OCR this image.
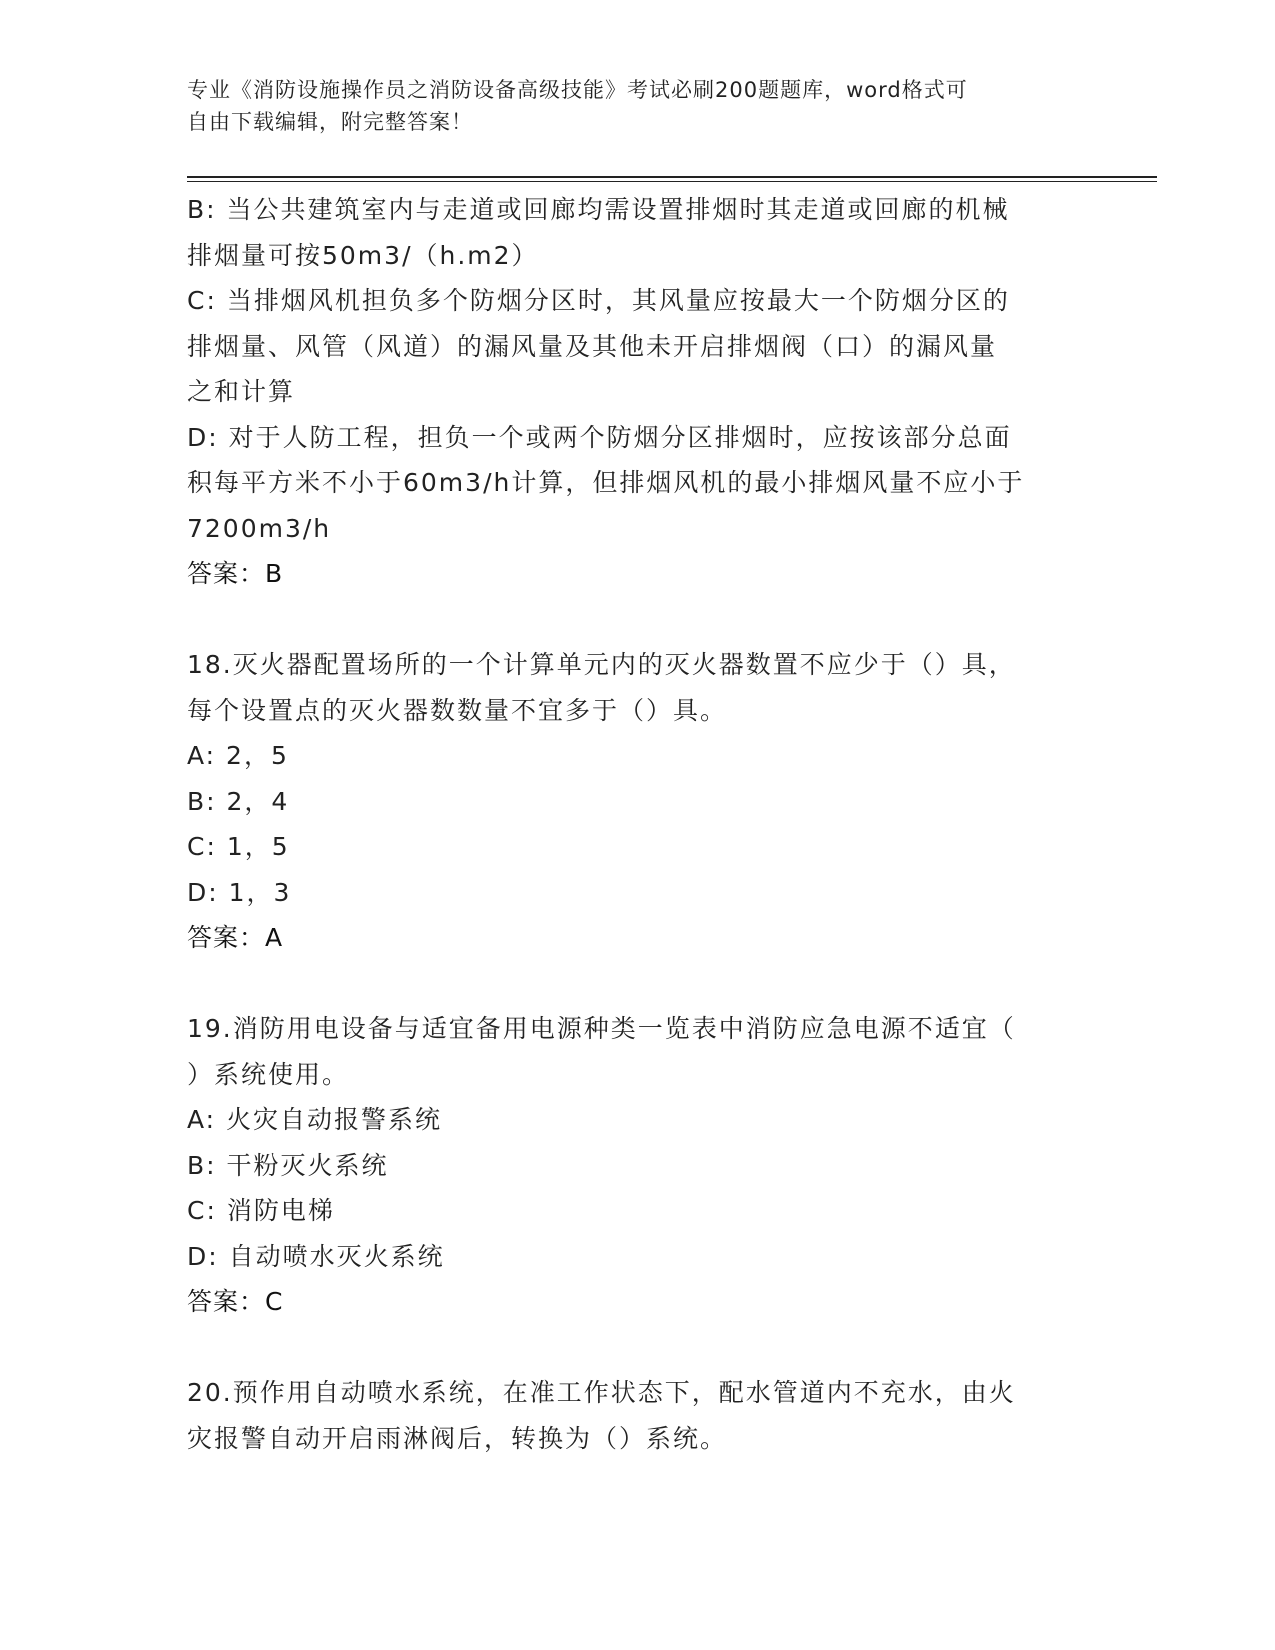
专业《消防设施操作员之消防设备高级技能》考试必刷200题题库，word格式可
自由下载编辑，附完整答案！
B: 当公共建筑室内与走道或回廊均需设置排烟时其走道或回廊的机械
排烟量可按50m3/（h.m2）
C: 当排烟风机担负多个防烟分区时，其风量应按最大一个防烟分区的
排烟量、风管（风道）的漏风量及其他未开启排烟阀（口）的漏风量
之和计算
D: 对于人防工程，担负一个或两个防烟分区排烟时，应按该部分总面
积每平方米不小于60m3/h计算，但排烟风机的最小排烟风量不应小于
7200m3/h
答案：B
18.灭火器配置场所的一个计算单元内的灭火器数置不应少于（）具，
每个设置点的灭火器数数量不宜多于（）具。
A: 2，5
B: 2，4
C: 1，5
D: 1，3
答案：A
19.消防用电设备与适宜备用电源种类一览表中消防应急电源不适宜（
）系统使用。
A: 火灾自动报警系统
B: 干粉灭火系统
C: 消防电梯
D: 自动喷水灭火系统
答案：C
20.预作用自动喷水系统，在准工作状态下，配水管道内不充水，由火
灾报警自动开启雨淋阀后，转换为（）系统。
